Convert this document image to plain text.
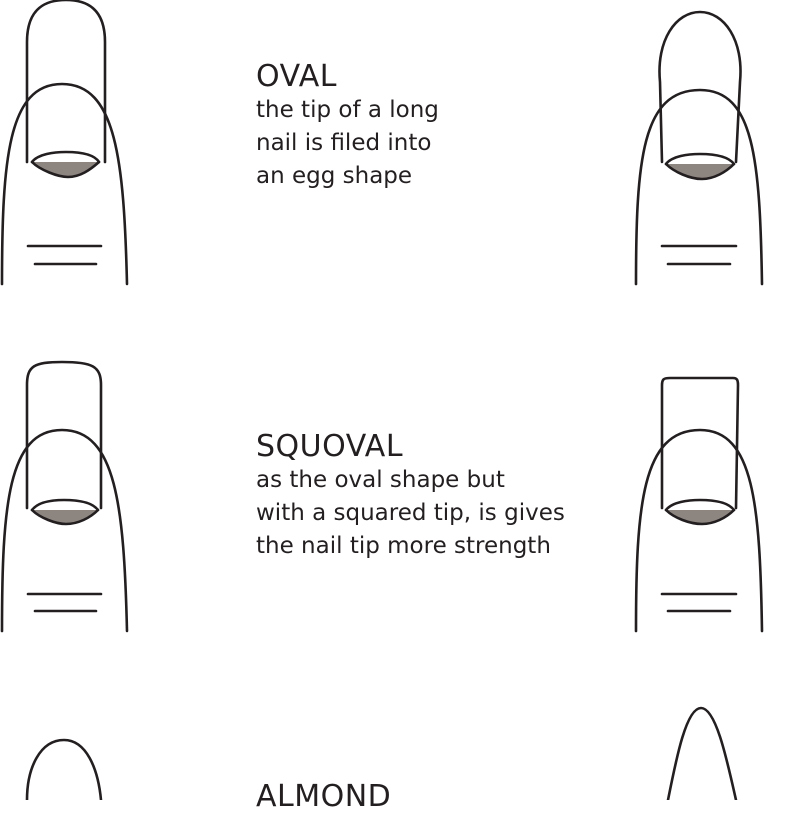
OVAL
the tip of a long
nail is filed into
an egg shape
SQUOVAL
as the oval shape but
with a squared tip, is gives
the nail tip more strength
ALMOND
